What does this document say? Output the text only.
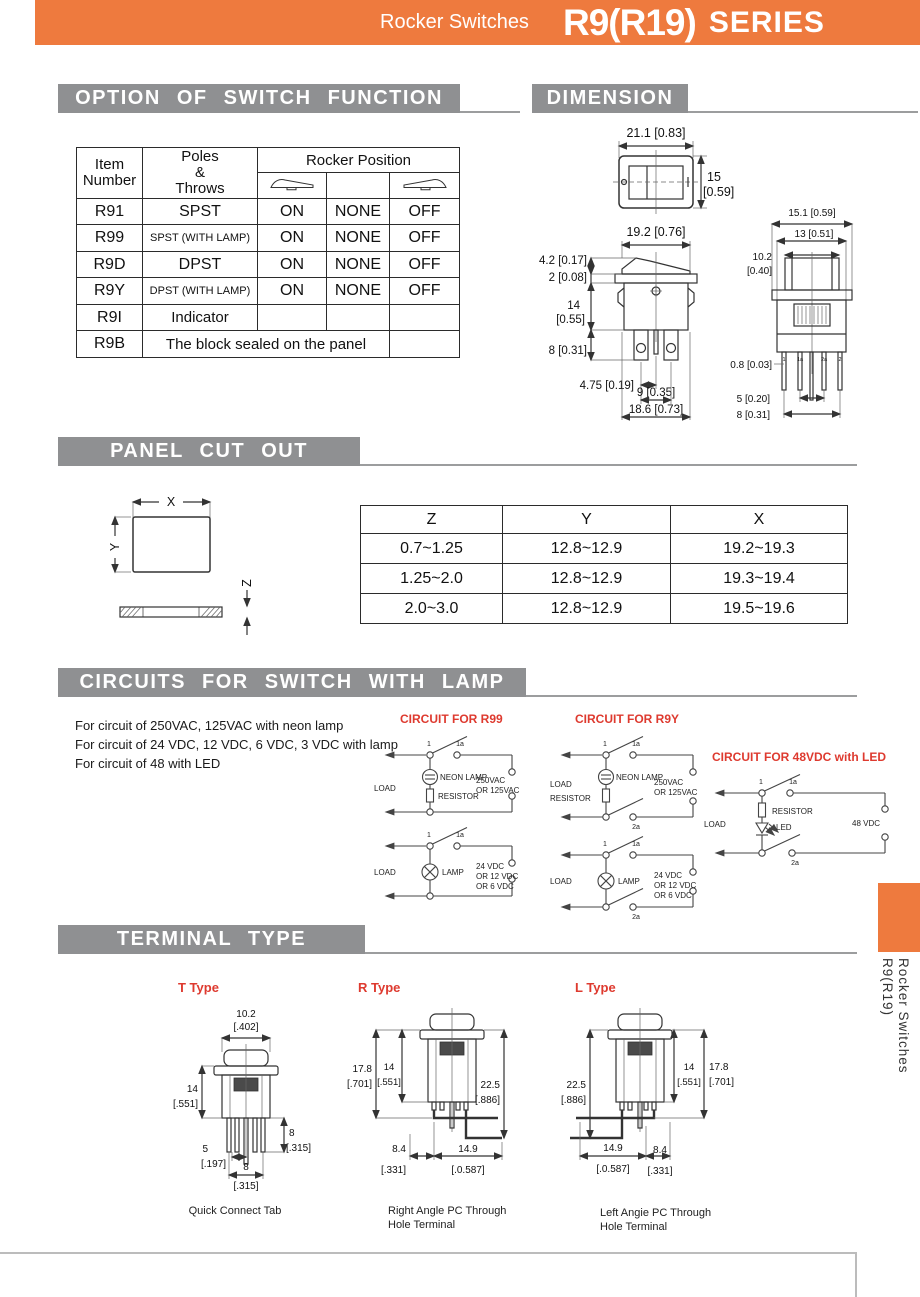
Rocker Switches R9(R19) SERIES
OPTION OF SWITCH FUNCTION	DIMENSION
PANEL CUT OUT
CIRCUITS FOR SWITCH WITH LAMP
TERMINAL TYPE
Item
Number

Poles
&
Throws
	Rocker Position

R91	SPST	ON	NONE	OFF
R99	SPST (WITH LAMP)	ON	NONE	OFF
R9D	DPST	ON	NONE	OFF
R9Y	DPST (WITH LAMP)	ON	NONE	OFF
R9I	Indicator			
R9B	The block sealed on the panel			
21.1 [0.83]
15
[0.59]
19.2 [0.76]
4.2 [0.17]
2 [0.08]
14
[0.55]
8 [0.31]
4.75 [0.19]
9 [0.35]
18.6 [0.73]
15.1 [0.59]
13 [0.51]
10.2
[0.40]
1 1a	2a 2
0.8 [0.03]
5 [0.20]
8 [0.31]
X
Y
Z
Z	Y	X
0.7~1.25	12.8~12.9	19.2~19.3
1.25~2.0	12.8~12.9	19.3~19.4
2.0~3.0	12.8~12.9	19.5~19.6
For circuit of 250VAC, 125VAC with neon lamp
For circuit of 24 VDC, 12 VDC, 6 VDC, 3 VDC with lamp
For circuit of 48 with LED
CIRCUIT FOR R99	CIRCUIT FOR R9Y
CIRCUIT FOR 48VDC with LED
1	1a
LOAD
NEON LAMP
RESISTOR
250VAC
OR 125VAC
1	1a
LOAD	LAMP
24 VDC
OR 12 VDC
OR 6 VDC
1	1a
2a
LOAD
RESISTOR
NEON LAMP
250VAC
OR 125VAC
1	1a
2a
LOAD	LAMP
24 VDC
OR 12 VDC
OR 6 VDC
1	1a
RESISTOR
LED
2a
LOAD	48 VDC
T Type	R Type	L Type
10.2
[.402]
14
[.551]
8
[.315]
5
[.197] 8
[.315]
17.8
[.701]
14
[.551]	22.5
[.886]
8.4
[.331]
14.9
[.0.587]
22.5
[.886]
14
[.551]
17.8
[.701]
14.9
[.0.587]
8.4
[.331]
Quick Connect Tab	Right Angle PC Through
Hole Terminal
Left Angie PC Through
Hole Terminal
R9(R19) Rocker Switches
